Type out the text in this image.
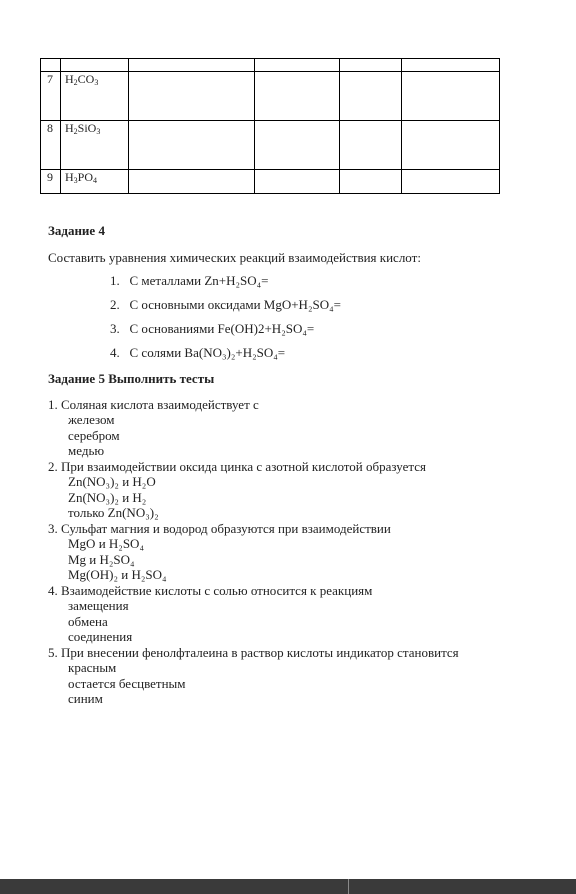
7	$H_2CO_3$				
8	$H_2SiO_3$				
9	$H_3PO_4$				
Задание 4
Составить уравнения химических реакций взаимодействия кислот:
1. С металлами Zn+H₂SO₄=
2. С основными оксидами MgO+H₂SO₄=
3. С основаниями Fe(OH)2+H₂SO₄=
4. С солями Ba(NO₃)₂+H₂SO₄=
Задание 5 Выполнить тесты
1. Соляная кислота взаимодействует с
железом
серебром
медью
2. При взаимодействии оксида цинка с азотной кислотой образуется
Zn(NO₃)₂ и H₂O
Zn(NO₃)₂ и H₂
только Zn(NO₃)₂
3. Сульфат магния и водород образуются при взаимодействии
MgO и H₂SO₄
Mg и H₂SO₄
Mg(OH)₂ и H₂SO₄
4. Взаимодействие кислоты с солью относится к реакциям
замещения
обмена
соединения
5. При внесении фенолфталеина в раствор кислоты индикатор становится
красным
остается бесцветным
синим
